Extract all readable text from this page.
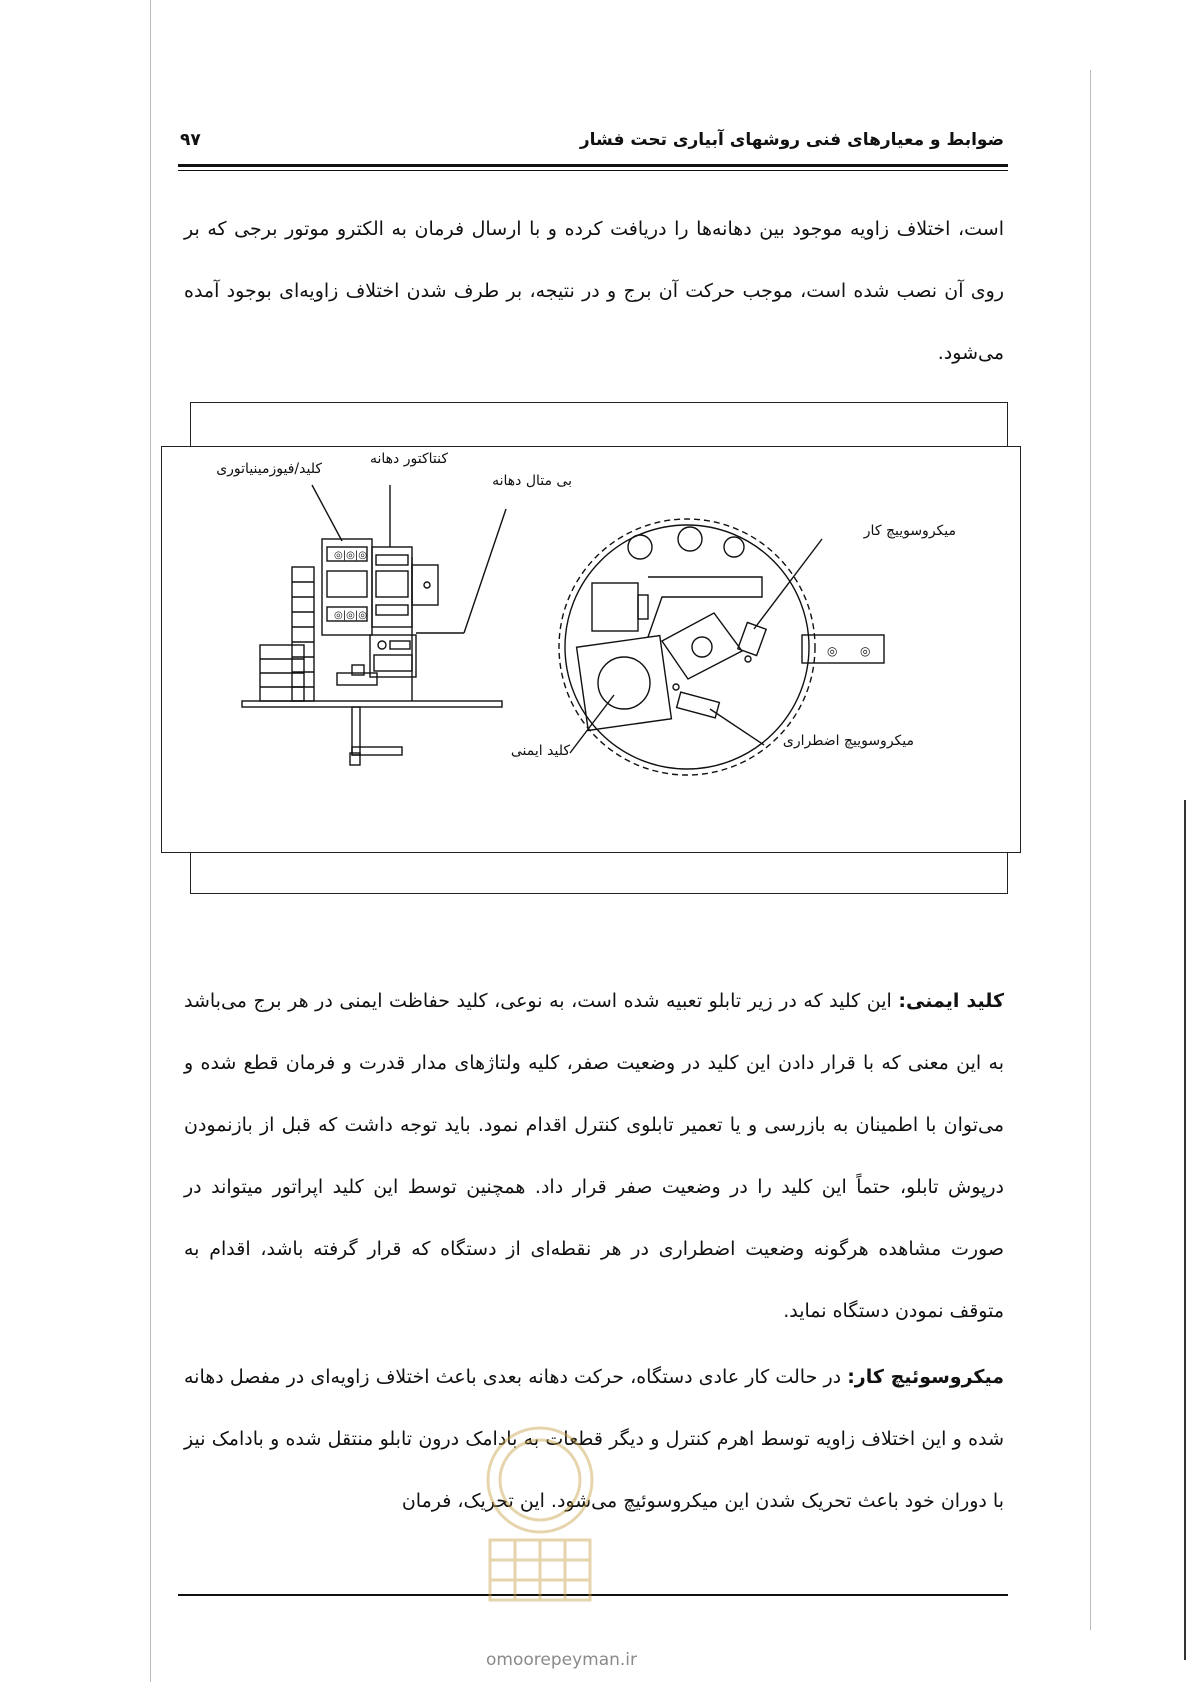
ضوابط و معیارهای فنی روشهای آبیاری تحت فشار
۹۷
است، اختلاف زاویه موجود بین دهانه‌ها را دریافت کرده و با ارسال فرمان به الکترو موتور برجی که بر روی آن نصب شده است، موجب حرکت آن برج و در نتیجه، بر طرف شدن اختلاف زاویه‌ای بوجود آمده می‌شود.
◎|◎|◎
◎|◎|◎
◎ ◎
کلید/فیوزمینیاتوری
کنتاکتور دهانه
بی متال دهانه
میکروسوییچ کار
کلید ایمنی
میکروسوییچ اضطراری
کلید ایمنی: این کلید که در زیر تابلو تعبیه شده است، به نوعی، کلید حفاظت ایمنی در هر برج می‌باشد به این معنی که با قرار دادن این کلید در وضعیت صفر، کلیه ولتاژهای مدار قدرت و فرمان قطع شده و می‌توان با اطمینان به بازرسی و یا تعمیر تابلوی کنترل اقدام نمود. باید توجه داشت که قبل از بازنمودن درپوش تابلو، حتماً این کلید را در وضعیت صفر قرار داد. همچنین توسط این کلید اپراتور میتواند در صورت مشاهده هرگونه وضعیت اضطراری در هر نقطه‌ای از دستگاه که قرار گرفته باشد، اقدام به متوقف نمودن دستگاه نماید.
میکروسوئیچ کار: در حالت کار عادی دستگاه، حرکت دهانه بعدی باعث اختلاف زاویه‌ای در مفصل دهانه شده و این اختلاف زاویه توسط اهرم کنترل و دیگر قطعات به بادامک درون تابلو منتقل شده و بادامک نیز با دوران خود باعث تحریک شدن این میکروسوئیچ می‌شود. این تحریک، فرمان
omoorepeyman.ir
